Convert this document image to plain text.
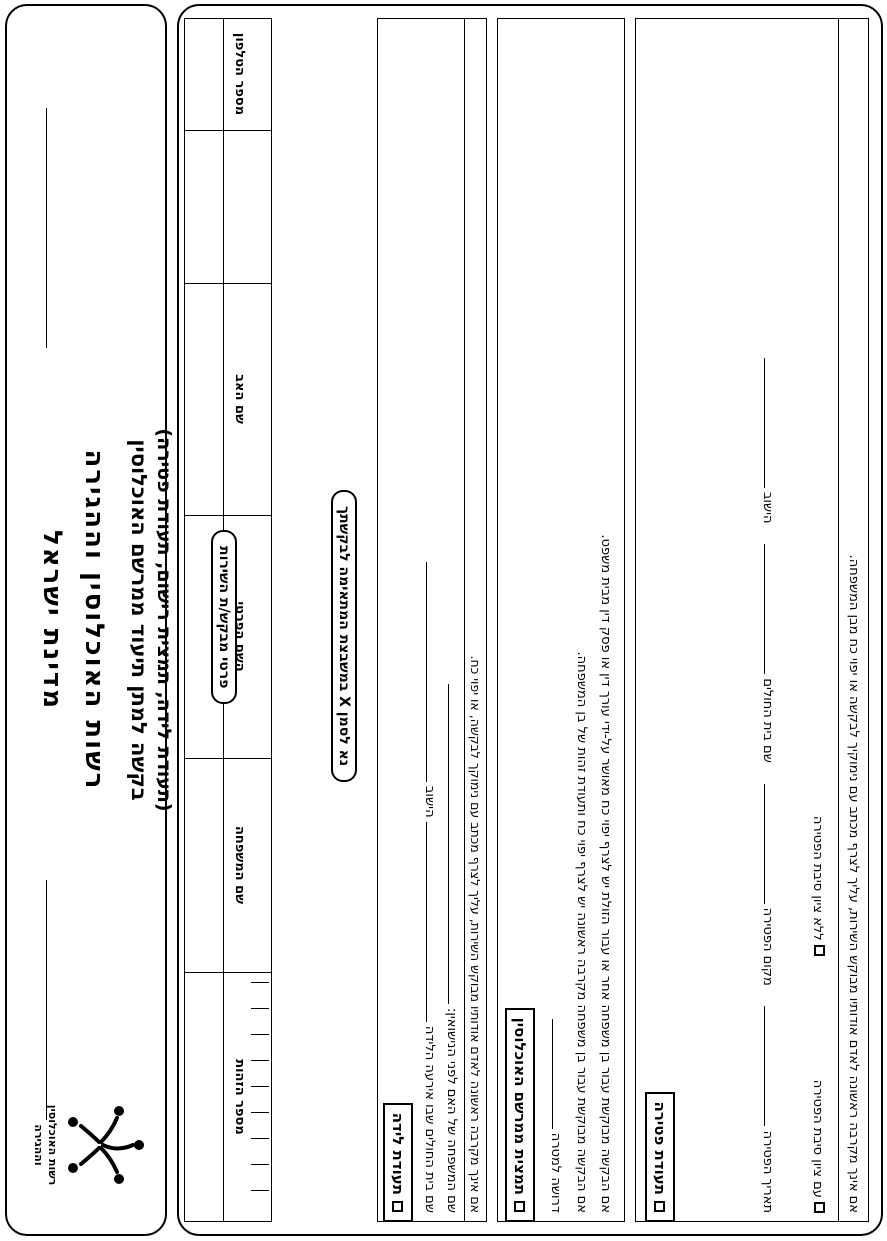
מדינת ישראל רשות האוכלוסין וההגירה בקשה למתן תיעוד ממרשם האוכלוסין (תעודת לידה, תמצית רישום, תעודת פטירה)
רשות האוכלוסין
וההגירה
פרטי מבקש/ת השירות
מספר הזהות
שם המשפחה
השם הפרטי
שם האב
מספר הטלפון
נא לסמן X במשבצת המתאימה לבקשתך
תעודת לידה שם בית החולים שבו אירעה הלידה  הישוב
שם המשפחה של האם לפני הנישואין: אם אינך מקרבה ראשונה לאדם אודותיו מבוקש השירות, עליך לצרף מכתב עם נימוקך לבקשה, או יפוי כח. תמצית ממרשם האוכלוסין דרושה למטרה אם הבקשה מבוקשת עבור בן משפחה מקרבה ראשונה יש לצרף יפוי כח ותעודת זהות של בן המשפחה. אם הבקשה מבוקשת עבור בן משפחה אחר או עבור הזולת יש לצרף יפוי כח מאושר על-ידי עורך דין או פסק דין מבית משפט.	תעודת פטירה	תאריך הפטירה      מקום הפטירה      שם בית החולים      הישוב
עם ציון סיבת הפטירה                               ללא ציון סיבת הפטירה אם אינך מקרבה ראשונה לאדם אודותיו מבוקש השירות, עליך לצרף מכתב עם נימוקיך לבקשה או יפוי כח מבן המשפחה.
